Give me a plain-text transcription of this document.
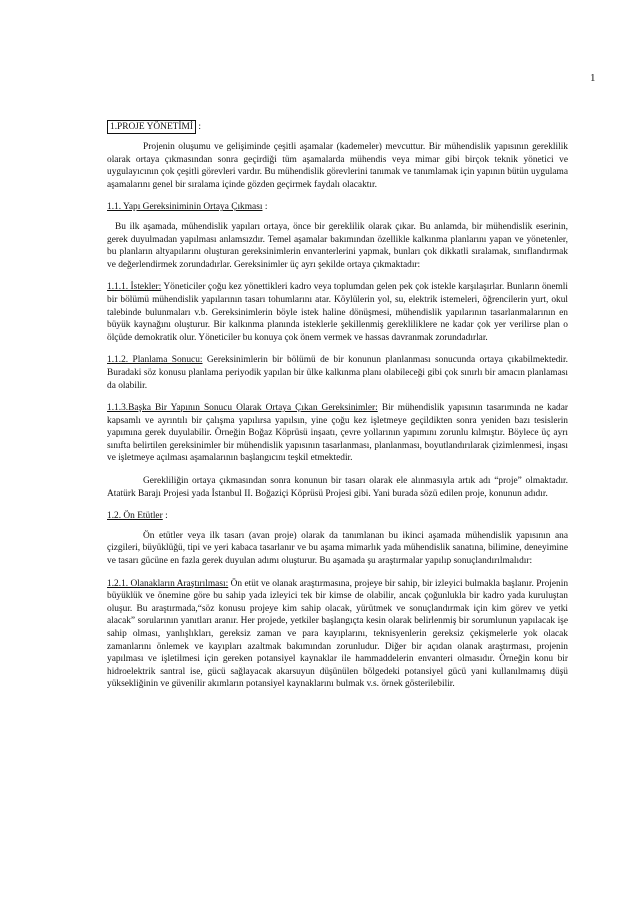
1

1.PROJE YÖNETİMİ :

Projenin oluşumu ve gelişiminde çeşitli aşamalar (kademeler) mevcuttur. Bir mühendislik yapısının gereklilik olarak ortaya çıkmasından sonra geçirdiği tüm aşamalarda mühendis veya mimar gibi birçok teknik yönetici ve uygulayıcının çok çeşitli görevleri vardır. Bu mühendislik görevlerini tanımak ve tanımlamak için yapının bütün uygulama aşamalarını genel bir sıralama içinde gözden geçirmek faydalı olacaktır.

1.1. Yapı Gereksiniminin Ortaya Çıkması :

Bu ilk aşamada, mühendislik yapıları ortaya, önce bir gereklilik olarak çıkar. Bu anlamda, bir mühendislik eserinin, gerek duyulmadan yapılması anlamsızdır. Temel aşamalar bakımından özellikle kalkınma planlarını yapan ve yönetenler, bu planların altyapılarını oluşturan gereksinimlerin envanterlerini yapmak, bunları çok dikkatli sıralamak, sınıflandırmak ve değerlendirmek zorundadırlar. Gereksinimler üç ayrı şekilde ortaya çıkmaktadır:

1.1.1. İstekler: Yöneticiler çoğu kez yönettikleri kadro veya toplumdan gelen pek çok istekle karşılaşırlar. Bunların önemli bir bölümü mühendislik yapılarının tasarı tohumlarını atar. Köylülerin yol, su, elektrik istemeleri, öğrencilerin yurt, okul talebinde bulunmaları v.b. Gereksinimlerin böyle istek haline dönüşmesi, mühendislik yapılarının tasarlanmalarının en büyük kaynağını oluşturur. Bir kalkınma planında isteklerle şekillenmiş gerekliliklere ne kadar çok yer verilirse plan o ölçüde demokratik olur. Yöneticiler bu konuya çok önem vermek ve hassas davranmak zorundadırlar.

1.1.2. Planlama Sonucu: Gereksinimlerin bir bölümü de bir konunun planlanması sonucunda ortaya çıkabilmektedir. Buradaki söz konusu planlama periyodik yapılan bir ülke kalkınma planı olabileceği gibi çok sınırlı bir amacın planlaması da olabilir.

1.1.3.Başka Bir Yapının Sonucu Olarak Ortaya Çıkan Gereksinimler: Bir mühendislik yapısının tasarımında ne kadar kapsamlı ve ayrıntılı bir çalışma yapılırsa yapılsın, yine çoğu kez işletmeye geçildikten sonra yeniden bazı tesislerin yapımına gerek duyulabilir. Örneğin Boğaz Köprüsü inşaatı, çevre yollarının yapımını zorunlu kılmıştır. Böylece üç ayrı sınıfta belirtilen gereksinimler bir mühendislik yapısının tasarlanması, planlanması, boyutlandırılarak çizimlenmesi, inşası ve işletmeye açılması aşamalarının başlangıcını teşkil etmektedir.

Gerekliliğin ortaya çıkmasından sonra konunun bir tasarı olarak ele alınmasıyla artık adı “proje” olmaktadır. Atatürk Barajı Projesi yada İstanbul II. Boğaziçi Köprüsü Projesi gibi. Yani burada sözü edilen proje, konunun adıdır.

1.2. Ön Etütler :

Ön etütler veya ilk tasarı (avan proje) olarak da tanımlanan bu ikinci aşamada mühendislik yapısının ana çizgileri, büyüklüğü, tipi ve yeri kabaca tasarlanır ve bu aşama mimarlık yada mühendislik sanatına, bilimine, deneyimine ve tasarı gücüne en fazla gerek duyulan adımı oluşturur. Bu aşamada şu araştırmalar yapılıp sonuçlandırılmalıdır:

1.2.1. Olanakların Araştırılması: Ön etüt ve olanak araştırmasına, projeye bir sahip, bir izleyici bulmakla başlanır. Projenin büyüklük ve önemine göre bu sahip yada izleyici tek bir kimse de olabilir, ancak çoğunlukla bir kadro yada kuruluştan oluşur. Bu araştırmada,“söz konusu projeye kim sahip olacak, yürütmek ve sonuçlandırmak için kim görev ve yetki alacak” sorularının yanıtları aranır. Her projede, yetkiler başlangıçta kesin olarak belirlenmiş bir sorumlunun yapılacak işe sahip olması, yanlışlıkları, gereksiz zaman ve para kayıplarını, teknisyenlerin gereksiz çekişmelerle yok olacak zamanlarını önlemek ve kayıpları azaltmak bakımından zorunludur. Diğer bir açıdan olanak araştırması, projenin yapılması ve işletilmesi için gereken potansiyel kaynaklar ile hammaddelerin envanteri olmasıdır. Örneğin konu bir hidroelektrik santral ise, gücü sağlayacak akarsuyun düşünülen bölgedeki potansiyel gücü yani kullanılmamış düşü yüksekliğinin ve güvenilir akımların potansiyel kaynaklarını bulmak v.s. örnek gösterilebilir.
